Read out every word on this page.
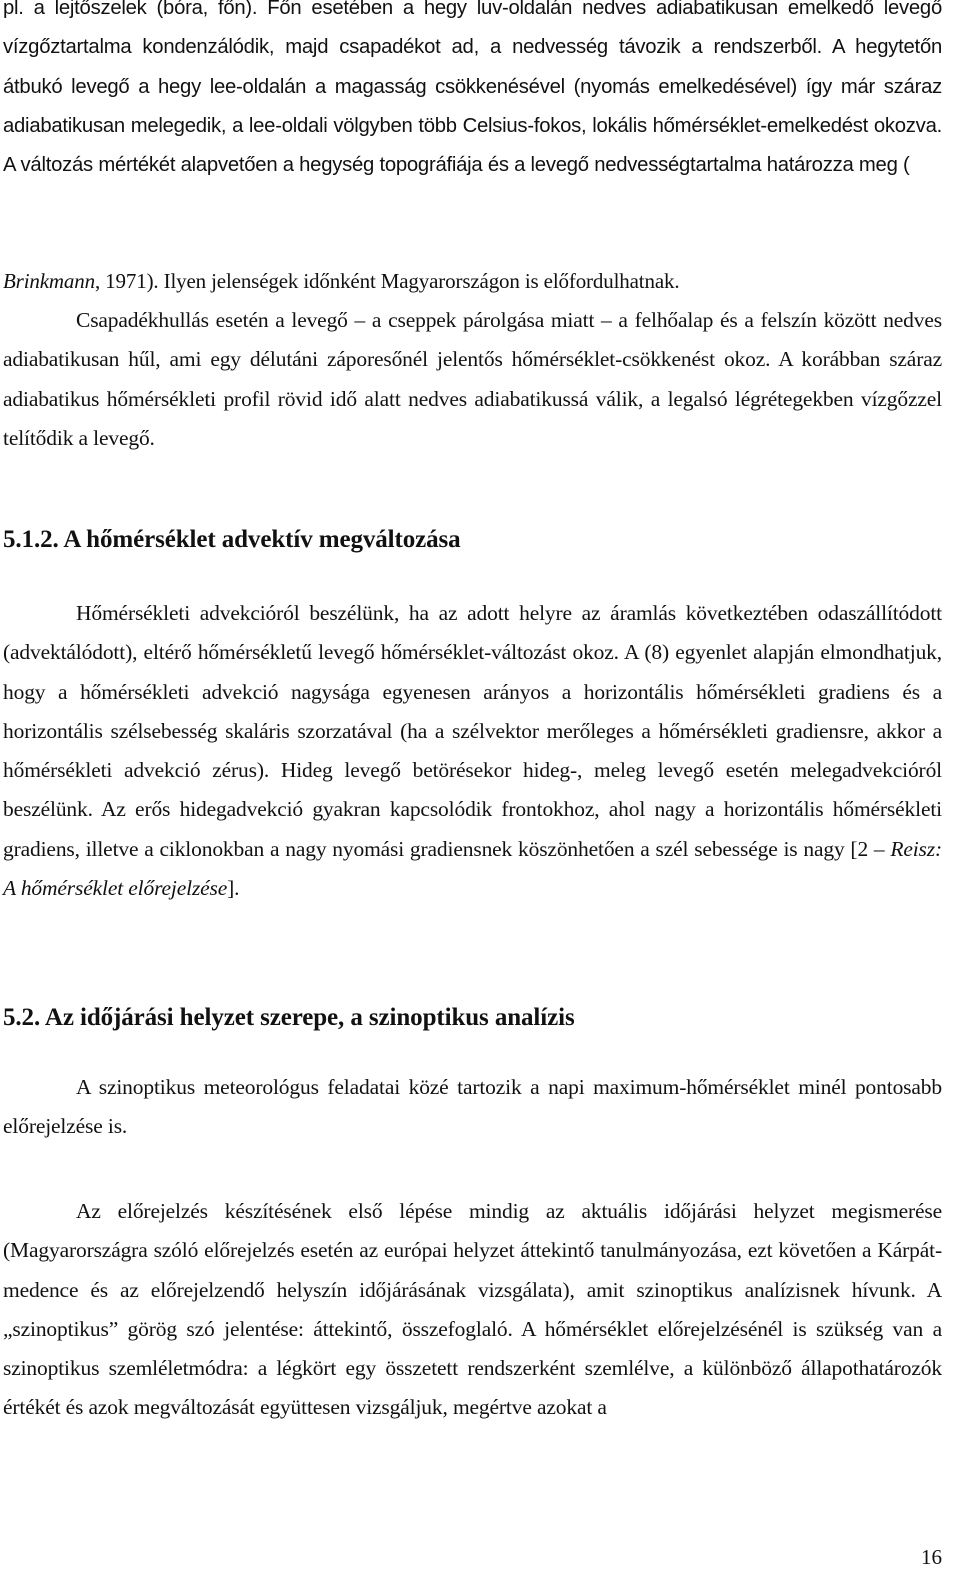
pl. a lejtőszelek (bóra, főn). Főn esetében a hegy luv-oldalán nedves adiabatikusan emelkedő levegő vízgőztartalma kondenzálódik, majd csapadékot ad, a nedvesség távozik a rendszerből. A hegytetőn átbukó levegő a hegy lee-oldalán a magasság csökkenésével (nyomás emelkedésével) így már száraz adiabatikusan melegedik, a lee-oldali völgyben több Celsius-fokos, lokális hőmérséklet-emelkedést okozva. A változás mértékét alapvetően a hegység topográfiája és a levegő nedvességtartalma határozza meg (

Brinkmann, 1971). Ilyen jelenségek időnként Magyarországon is előfordulhatnak.

Csapadékhullás esetén a levegő – a cseppek párolgása miatt – a felhőalap és a felszín között nedves adiabatikusan hűl, ami egy délutáni záporesőnél jelentős hőmérséklet-csökkenést okoz. A korábban száraz adiabatikus hőmérsékleti profil rövid idő alatt nedves adiabatikussá válik, a legalsó légrétegekben vízgőzzel telítődik a levegő.

5.1.2. A hőmérséklet advektív megváltozása

Hőmérsékleti advekcióról beszélünk, ha az adott helyre az áramlás következtében odaszállítódott (advektálódott), eltérő hőmérsékletű levegő hőmérséklet-változást okoz. A (8) egyenlet alapján elmondhatjuk, hogy a hőmérsékleti advekció nagysága egyenesen arányos a horizontális hőmérsékleti gradiens és a horizontális szélsebesség skaláris szorzatával (ha a szélvektor merőleges a hőmérsékleti gradiensre, akkor a hőmérsékleti advekció zérus). Hideg levegő betörésekor hideg-, meleg levegő esetén melegadvekcióról beszélünk. Az erős hidegadvekció gyakran kapcsolódik frontokhoz, ahol nagy a horizontális hőmérsékleti gradiens, illetve a ciklonokban a nagy nyomási gradiensnek köszönhetően a szél sebessége is nagy [2 – Reisz: A hőmérséklet előrejelzése].

5.2. Az időjárási helyzet szerepe, a szinoptikus analízis

A szinoptikus meteorológus feladatai közé tartozik a napi maximum-hőmérséklet minél pontosabb előrejelzése is.

Az előrejelzés készítésének első lépése mindig az aktuális időjárási helyzet megismerése (Magyarországra szóló előrejelzés esetén az európai helyzet áttekintő tanulmányozása, ezt követően a Kárpát-medence és az előrejelzendő helyszín időjárásának vizsgálata), amit szinoptikus analízisnek hívunk. A „szinoptikus” görög szó jelentése: áttekintő, összefoglaló. A hőmérséklet előrejelzésénél is szükség van a szinoptikus szemléletmódra: a légkört egy összetett rendszerként szemlélve, a különböző állapothatározók értékét és azok megváltozását együttesen vizsgáljuk, megértve azokat a

16
